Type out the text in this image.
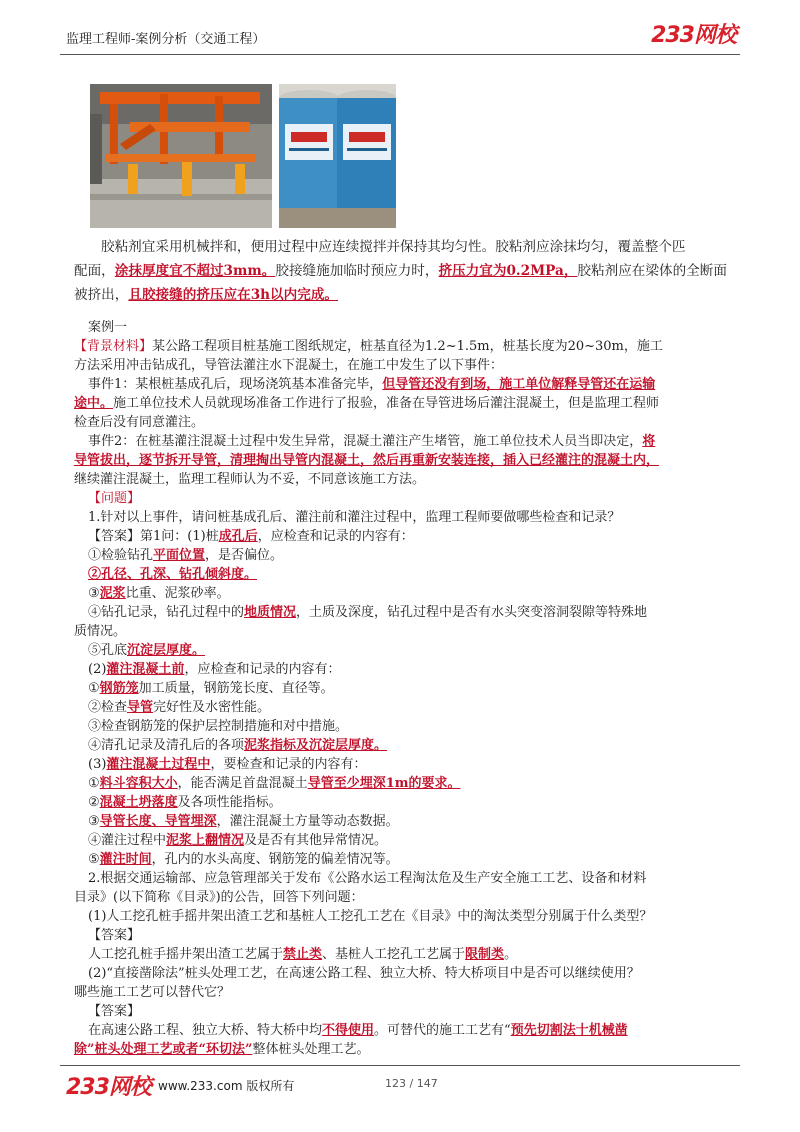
监理工程师-案例分析（交通工程）	233网校

胶粘剂宜采用机械拌和，便用过程中应连续搅拌并保持其均匀性。胶粘剂应涂抹均匀，覆盖整个匹

配面，涂抹厚度宜不超过3mm。胶接缝施加临时预应力时，挤压力宜为0.2MPa，胶粘剂应在梁体的全断面

被挤出，且胶接缝的挤压应在3h以内完成。

案例一

【背景材料】某公路工程项目桩基施工图纸规定，桩基直径为1.2~1.5m，桩基长度为20~30m，施工

方法采用冲击钻成孔，导管法灌注水下混凝土，在施工中发生了以下事件：

事件1：某根桩基成孔后，现场浇筑基本准备完毕，但导管还没有到场，施工单位解释导管还在运输

途中。施工单位技术人员就现场准备工作进行了报验，准备在导管进场后灌注混凝土，但是监理工程师

检查后没有同意灌注。

事件2：在桩基灌注混凝土过程中发生异常，混凝土灌注产生堵管，施工单位技术人员当即决定，将

导管拔出，逐节拆开导管，清理掏出导管内混凝土，然后再重新安装连接，插入已经灌注的混凝土内，

继续灌注混凝土，监理工程师认为不妥，不同意该施工方法。

【问题】

1.针对以上事件，请问桩基成孔后、灌注前和灌注过程中，监理工程师要做哪些检查和记录？

【答案】第1问：(1)桩成孔后，应检查和记录的内容有：

①检验钻孔平面位置，是否偏位。

②孔径、孔深、钻孔倾斜度。

③泥浆比重、泥浆砂率。

④钻孔记录，钻孔过程中的地质情况，土质及深度，钻孔过程中是否有水头突变溶洞裂隙等特殊地

质情况。

⑤孔底沉淀层厚度。

(2)灌注混凝土前，应检查和记录的内容有：

①钢筋笼加工质量，钢筋笼长度、直径等。

②检查导管完好性及水密性能。

③检查钢筋笼的保护层控制措施和对中措施。

④清孔记录及清孔后的各项泥浆指标及沉淀层厚度。

(3)灌注混凝土过程中，要检查和记录的内容有：

①料斗容积大小，能否满足首盘混凝土导管至少埋深1m的要求。

②混凝土坍落度及各项性能指标。

③导管长度、导管埋深，灌注混凝土方量等动态数据。

④灌注过程中泥浆上翻情况及是否有其他异常情况。

⑤灌注时间，孔内的水头高度、钢筋笼的偏差情况等。

2.根据交通运输部、应急管理部关于发布《公路水运工程淘汰危及生产安全施工工艺、设备和材料

目录》(以下简称《目录》)的公告，回答下列问题：

(1)人工挖孔桩手摇井架出渣工艺和基桩人工挖孔工艺在《目录》中的淘汰类型分别属于什么类型？

【答案】

人工挖孔桩手摇井架出渣工艺属于禁止类、基桩人工挖孔工艺属于限制类。

(2)“直接凿除法”桩头处理工艺，在高速公路工程、独立大桥、特大桥项目中是否可以继续使用？

哪些施工工艺可以替代它？

【答案】

在高速公路工程、独立大桥、特大桥中均不得使用。可替代的施工工艺有“预先切割法十机械凿

除”桩头处理工艺或者“环切法”整体桩头处理工艺。

233网校 www.233.com 版权所有	123 / 147
